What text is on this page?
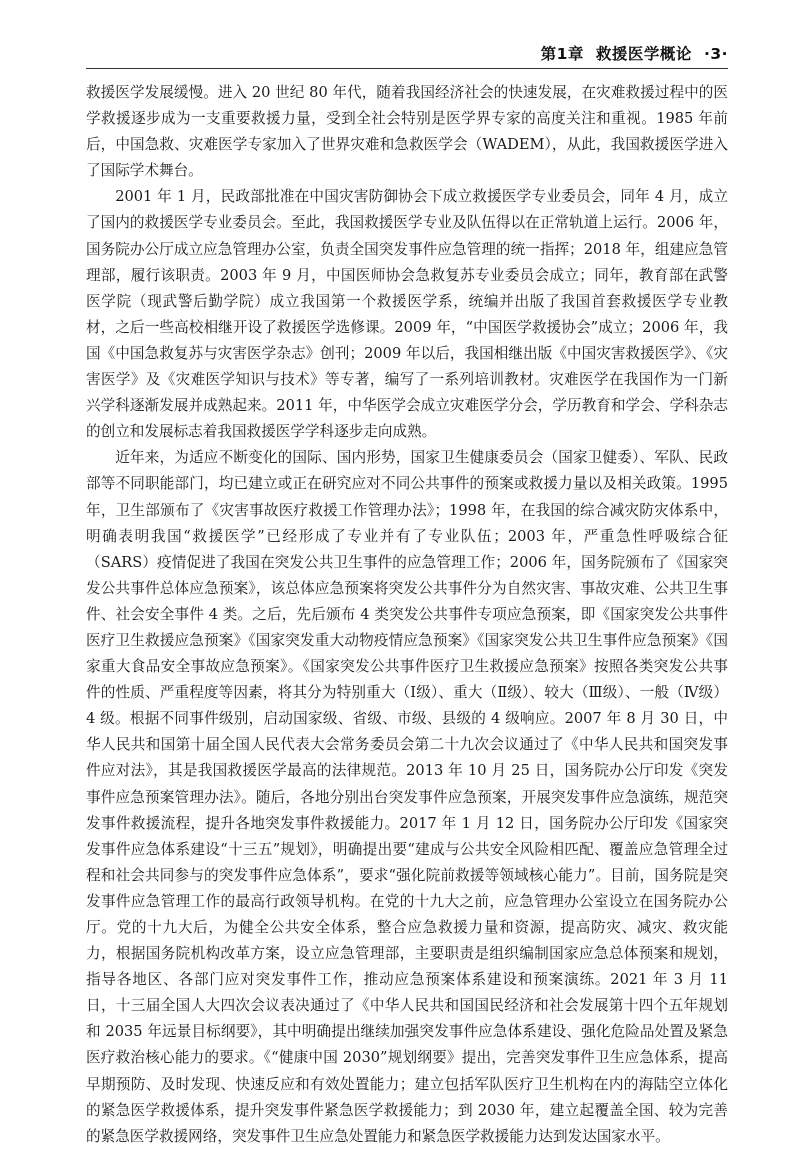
第1章 救援医学概论 ·3·

救援医学发展缓慢。进入 20 世纪 80 年代，随着我国经济社会的快速发展，在灾难救援过程中的医学救援逐步成为一支重要救援力量，受到全社会特别是医学界专家的高度关注和重视。1985 年前后，中国急救、灾难医学专家加入了世界灾难和急救医学会（WADEM），从此，我国救援医学进入了国际学术舞台。

2001 年 1 月，民政部批准在中国灾害防御协会下成立救援医学专业委员会，同年 4 月，成立了国内的救援医学专业委员会。至此，我国救援医学专业及队伍得以在正常轨道上运行。2006 年，国务院办公厅成立应急管理办公室，负责全国突发事件应急管理的统一指挥；2018 年，组建应急管理部，履行该职责。2003 年 9 月，中国医师协会急救复苏专业委员会成立；同年，教育部在武警医学院（现武警后勤学院）成立我国第一个救援医学系，统编并出版了我国首套救援医学专业教材，之后一些高校相继开设了救援医学选修课。2009 年，“中国医学救援协会”成立；2006 年，我国《中国急救复苏与灾害医学杂志》创刊；2009 年以后，我国相继出版《中国灾害救援医学》、《灾害医学》及《灾难医学知识与技术》等专著，编写了一系列培训教材。灾难医学在我国作为一门新兴学科逐渐发展并成熟起来。2011 年，中华医学会成立灾难医学分会，学历教育和学会、学科杂志的创立和发展标志着我国救援医学学科逐步走向成熟。

近年来，为适应不断变化的国际、国内形势，国家卫生健康委员会（国家卫健委）、军队、民政部等不同职能部门，均已建立或正在研究应对不同公共事件的预案或救援力量以及相关政策。1995 年，卫生部颁布了《灾害事故医疗救援工作管理办法》；1998 年，在我国的综合减灾防灾体系中，明确表明我国“救援医学”已经形成了专业并有了专业队伍；2003 年，严重急性呼吸综合征（SARS）疫情促进了我国在突发公共卫生事件的应急管理工作；2006 年，国务院颁布了《国家突发公共事件总体应急预案》，该总体应急预案将突发公共事件分为自然灾害、事故灾难、公共卫生事件、社会安全事件 4 类。之后，先后颁布 4 类突发公共事件专项应急预案，即《国家突发公共事件医疗卫生救援应急预案》《国家突发重大动物疫情应急预案》《国家突发公共卫生事件应急预案》《国家重大食品安全事故应急预案》。《国家突发公共事件医疗卫生救援应急预案》按照各类突发公共事件的性质、严重程度等因素，将其分为特别重大（Ⅰ级）、重大（Ⅱ级）、较大（Ⅲ级）、一般（Ⅳ级）4 级。根据不同事件级别，启动国家级、省级、市级、县级的 4 级响应。2007 年 8 月 30 日，中华人民共和国第十届全国人民代表大会常务委员会第二十九次会议通过了《中华人民共和国突发事件应对法》，其是我国救援医学最高的法律规范。2013 年 10 月 25 日，国务院办公厅印发《突发事件应急预案管理办法》。随后，各地分别出台突发事件应急预案，开展突发事件应急演练，规范突发事件救援流程，提升各地突发事件救援能力。2017 年 1 月 12 日，国务院办公厅印发《国家突发事件应急体系建设“十三五”规划》，明确提出要“建成与公共安全风险相匹配、覆盖应急管理全过程和社会共同参与的突发事件应急体系”，要求“强化院前救援等领域核心能力”。目前，国务院是突发事件应急管理工作的最高行政领导机构。在党的十九大之前，应急管理办公室设立在国务院办公厅。党的十九大后，为健全公共安全体系，整合应急救援力量和资源，提高防灾、减灾、救灾能力，根据国务院机构改革方案，设立应急管理部，主要职责是组织编制国家应急总体预案和规划，指导各地区、各部门应对突发事件工作，推动应急预案体系建设和预案演练。2021 年 3 月 11 日，十三届全国人大四次会议表决通过了《中华人民共和国国民经济和社会发展第十四个五年规划和 2035 年远景目标纲要》，其中明确提出继续加强突发事件应急体系建设、强化危险品处置及紧急医疗救治核心能力的要求。《“健康中国 2030”规划纲要》提出，完善突发事件卫生应急体系，提高早期预防、及时发现、快速反应和有效处置能力；建立包括军队医疗卫生机构在内的海陆空立体化的紧急医学救援体系，提升突发事件紧急医学救援能力；到 2030 年，建立起覆盖全国、较为完善的紧急医学救援网络，突发事件卫生应急处置能力和紧急医学救援能力达到发达国家水平。
